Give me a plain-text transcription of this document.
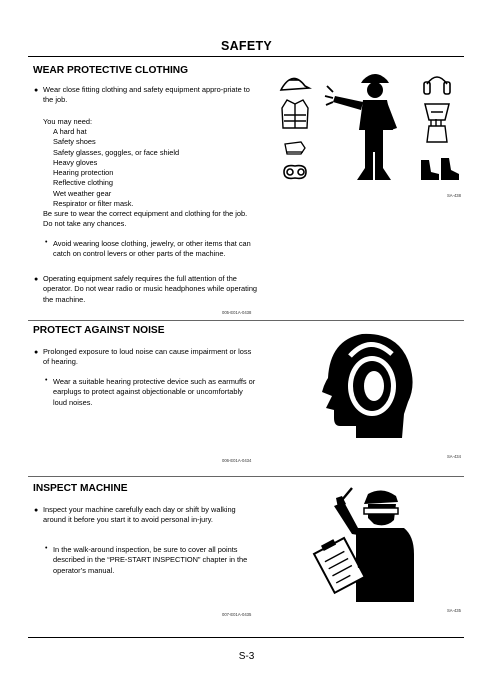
SAFETY
WEAR PROTECTIVE CLOTHING
● Wear close fitting clothing and safety equipment appro-priate to the job.
You may need:
A hard hat
Safety shoes
Safety glasses, goggles, or face shield
Heavy gloves
Hearing protection
Reflective clothing
Wet weather gear
Respirator or filter mask.
Be sure to wear the correct equipment and clothing for the job. Do not take any chances.
• Avoid wearing loose clothing, jewelry, or other items that can catch on control levers or other parts of the machine.
● Operating equipment safely requires the full attention of the operator. Do not wear radio or music headphones while operating the machine.
005-E01A-0438
SA-438
PROTECT AGAINST NOISE
● Prolonged exposure to loud noise can cause impairment or loss of hearing.
• Wear a suitable hearing protective device such as earmuffs or earplugs to protect against objectionable or uncomfortably loud noises.
006-E01A-0434
SA-434
INSPECT MACHINE
● Inspect your machine carefully each day or shift by walking around it before you start it to avoid personal in-jury.
• In the walk-around inspection, be sure to cover all points described in the “PRE-START INSPECTION” chapter in the operator’s manual.
007-E01A-0435
SA-435
S-3
